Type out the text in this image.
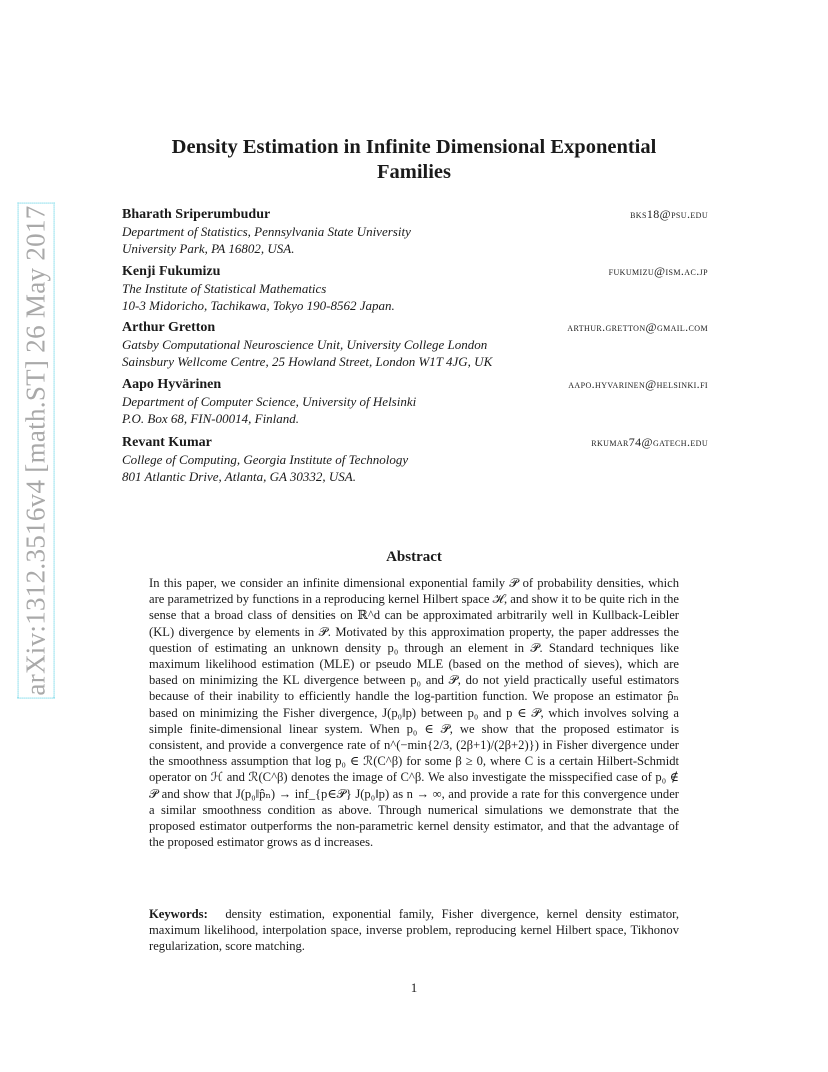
arXiv:1312.3516v4 [math.ST] 26 May 2017
Density Estimation in Infinite Dimensional Exponential
Families
Bharath Sriperumbudur	bks18@psu.edu
Department of Statistics, Pennsylvania State University
University Park, PA 16802, USA.
Kenji Fukumizu	fukumizu@ism.ac.jp
The Institute of Statistical Mathematics
10-3 Midoricho, Tachikawa, Tokyo 190-8562 Japan.
Arthur Gretton	arthur.gretton@gmail.com
Gatsby Computational Neuroscience Unit, University College London
Sainsbury Wellcome Centre, 25 Howland Street, London W1T 4JG, UK
Aapo Hyvärinen	aapo.hyvarinen@helsinki.fi
Department of Computer Science, University of Helsinki
P.O. Box 68, FIN-00014, Finland.
Revant Kumar	rkumar74@gatech.edu
College of Computing, Georgia Institute of Technology
801 Atlantic Drive, Atlanta, GA 30332, USA.
Abstract
In this paper, we consider an infinite dimensional exponential family 𝒫 of probability densities, which are parametrized by functions in a reproducing kernel Hilbert space ℋ, and show it to be quite rich in the sense that a broad class of densities on ℝ^d can be approximated arbitrarily well in Kullback-Leibler (KL) divergence by elements in 𝒫. Motivated by this approximation property, the paper addresses the question of estimating an unknown density p₀ through an element in 𝒫. Standard techniques like maximum likelihood estimation (MLE) or pseudo MLE (based on the method of sieves), which are based on minimizing the KL divergence between p₀ and 𝒫, do not yield practically useful estimators because of their inability to efficiently handle the log-partition function. We propose an estimator p̂ₙ based on minimizing the Fisher divergence, J(p₀‖p) between p₀ and p ∈ 𝒫, which involves solving a simple finite-dimensional linear system. When p₀ ∈ 𝒫, we show that the proposed estimator is consistent, and provide a convergence rate of n^(−min{2/3, (2β+1)/(2β+2)}) in Fisher divergence under the smoothness assumption that log p₀ ∈ ℛ(C^β) for some β ≥ 0, where C is a certain Hilbert-Schmidt operator on ℋ and ℛ(C^β) denotes the image of C^β. We also investigate the misspecified case of p₀ ∉ 𝒫 and show that J(p₀‖p̂ₙ) → inf_{p∈𝒫} J(p₀‖p) as n → ∞, and provide a rate for this convergence under a similar smoothness condition as above. Through numerical simulations we demonstrate that the proposed estimator outperforms the non-parametric kernel density estimator, and that the advantage of the proposed estimator grows as d increases.
Keywords: density estimation, exponential family, Fisher divergence, kernel density estimator, maximum likelihood, interpolation space, inverse problem, reproducing kernel Hilbert space, Tikhonov regularization, score matching.
1
